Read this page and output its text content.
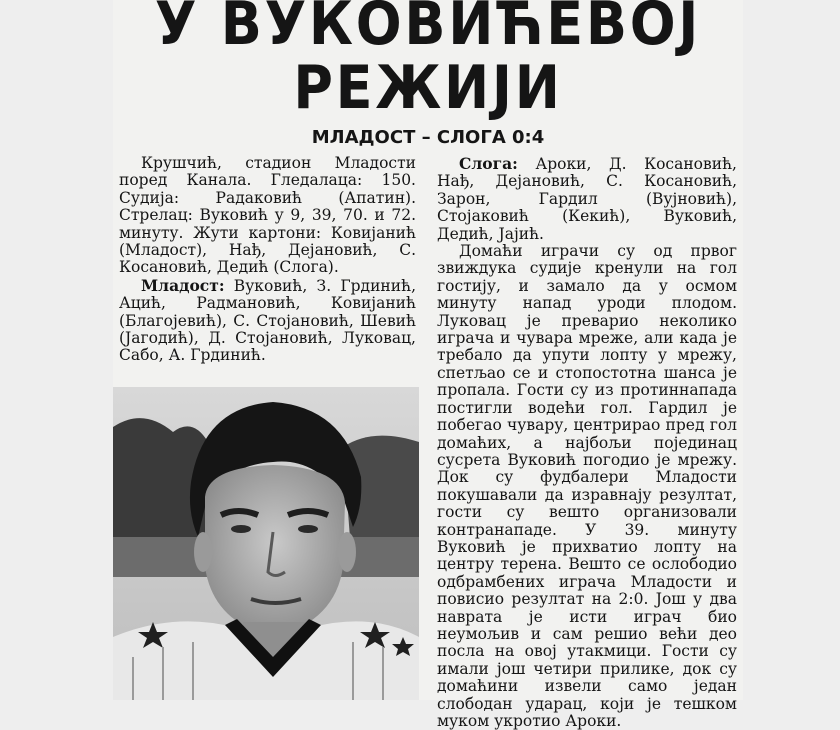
У ВУКОВИЋЕВОЈ
РЕЖИЈИ
МЛАДОСТ – СЛОГА 0:4

Крушчић, стадион Младости поред Канала. Гледалаца: 150. Судија: Радаковић (Апатин). Стрелац: Вуковић у 9, 39, 70. и 72. минуту. Жути картони: Ковијанић (Младост), Нађ, Дејановић, С. Косановић, Дедић (Слога).

Младост: Вуковић, З. Грдинић, Ацић, Радмановић, Ковијанић (Благојевић), С. Стојановић, Шевић (Јагодић), Д. Стојановић, Луковац, Сабо, А. Грдинић.

Слога: Ароки, Д. Косановић, Нађ, Дејановић, С. Косановић, Зарон, Гардил (Вујновић), Стојаковић (Кекић), Вуковић, Дедић, Јајић.

Домаћи играчи су од првог звиждука судије кренули на гол гостију, и замало да у осмом минуту напад уроди плодом. Луковац је преварио неколико играча и чувара мреже, али када је требало да упути лопту у мрежу, спетљао се и стопостотна шанса је пропала. Гости су из протиннапада постигли водећи гол. Гардил је побегао чувару, центрирао пред гол домаћих, а најбољи појединац сусрета Вуковић погодио је мрежу. Док су фудбалери Младости покушавали да изравнају резултат, гости су вешто организовали контранападе. У 39. минуту Вуковић је прихватио лопту на центру терена. Вешто се ослободио одбрамбених играча Младости и повисио резултат на 2:0. Још у два наврата је исти играч био неумољив и сам решио већи део посла на овој утакмици. Гости су имали још четири прилике, док су домаћини извели само један слободан ударац, који је тешком муком укротио Ароки.
